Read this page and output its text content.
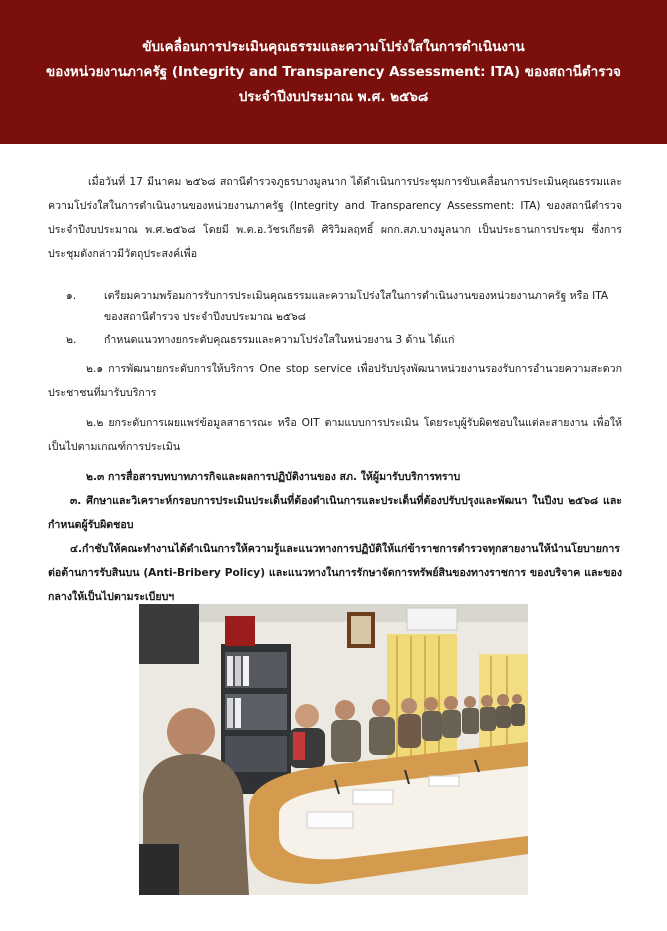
ขับเคลื่อนการประเมินคุณธรรมและความโปร่งใสในการดำเนินงาน
ของหน่วยงานภาครัฐ (Integrity and Transparency Assessment: ITA) ของสถานีตำรวจ
ประจำปีงบประมาณ พ.ศ. ๒๕๖๘
เมื่อวันที่ 17 มีนาคม ๒๕๖๘ สถานีตำรวจภูธรบางมูลนาก ได้ดำเนินการประชุมการขับเคลื่อนการประเมินคุณธรรมและความโปร่งใสในการดำเนินงานของหน่วยงานภาครัฐ (Integrity and Transparency Assessment: ITA) ของสถานีตำรวจ ประจำปีงบประมาณ พ.ศ.๒๕๖๘ โดยมี พ.ต.อ.วัชรเกียรติ ศิริวิมลฤทธิ์ ผกก.สภ.บางมูลนาก เป็นประธานการประชุม ซึ่งการประชุมดังกล่าวมีวัตถุประสงค์เพื่อ
๑.	เตรียมความพร้อมการรับการประเมินคุณธรรมและความโปร่งใสในการดำเนินงานของหน่วยงานภาครัฐ หรือ ITA ของสถานีตำรวจ ประจำปีงบประมาณ ๒๕๖๘
๒.	กำหนดแนวทางยกระดับคุณธรรมและความโปร่งใสในหน่วยงาน 3 ด้าน ได้แก่
๒.๑ การพัฒนายกระดับการให้บริการ One stop service เพื่อปรับปรุงพัฒนาหน่วยงานรองรับการอำนวยความสะดวกประชาชนที่มารับบริการ
๒.๒ ยกระดับการเผยแพร่ข้อมูลสาธารณะ หรือ OIT ตามแบบการประเมิน โดยระบุผู้รับผิดชอบในแต่ละสายงาน เพื่อให้เป็นไปตามเกณฑ์การประเมิน
๒.๓ การสื่อสารบทบาทภารกิจและผลการปฏิบัติงานของ สภ. ให้ผู้มารับบริการทราบ
๓. ศึกษาและวิเคราะห์กรอบการประเมินประเด็นที่ต้องดำเนินการและประเด็นที่ต้องปรับปรุงและพัฒนา ในปีงบ ๒๕๖๘ และกำหนดผู้รับผิดชอบ
๔.กำชับให้คณะทำงานได้ดำเนินการให้ความรู้และแนวทางการปฏิบัติให้แก่ข้าราชการตำรวจทุกสายงานให้นำนโยบายการต่อต้านการรับสินบน (Anti-Bribery Policy) และแนวทางในการรักษาจัดการทรัพย์สินของทางราชการ ของบริจาค และของกลางให้เป็นไปตามระเบียบฯ
